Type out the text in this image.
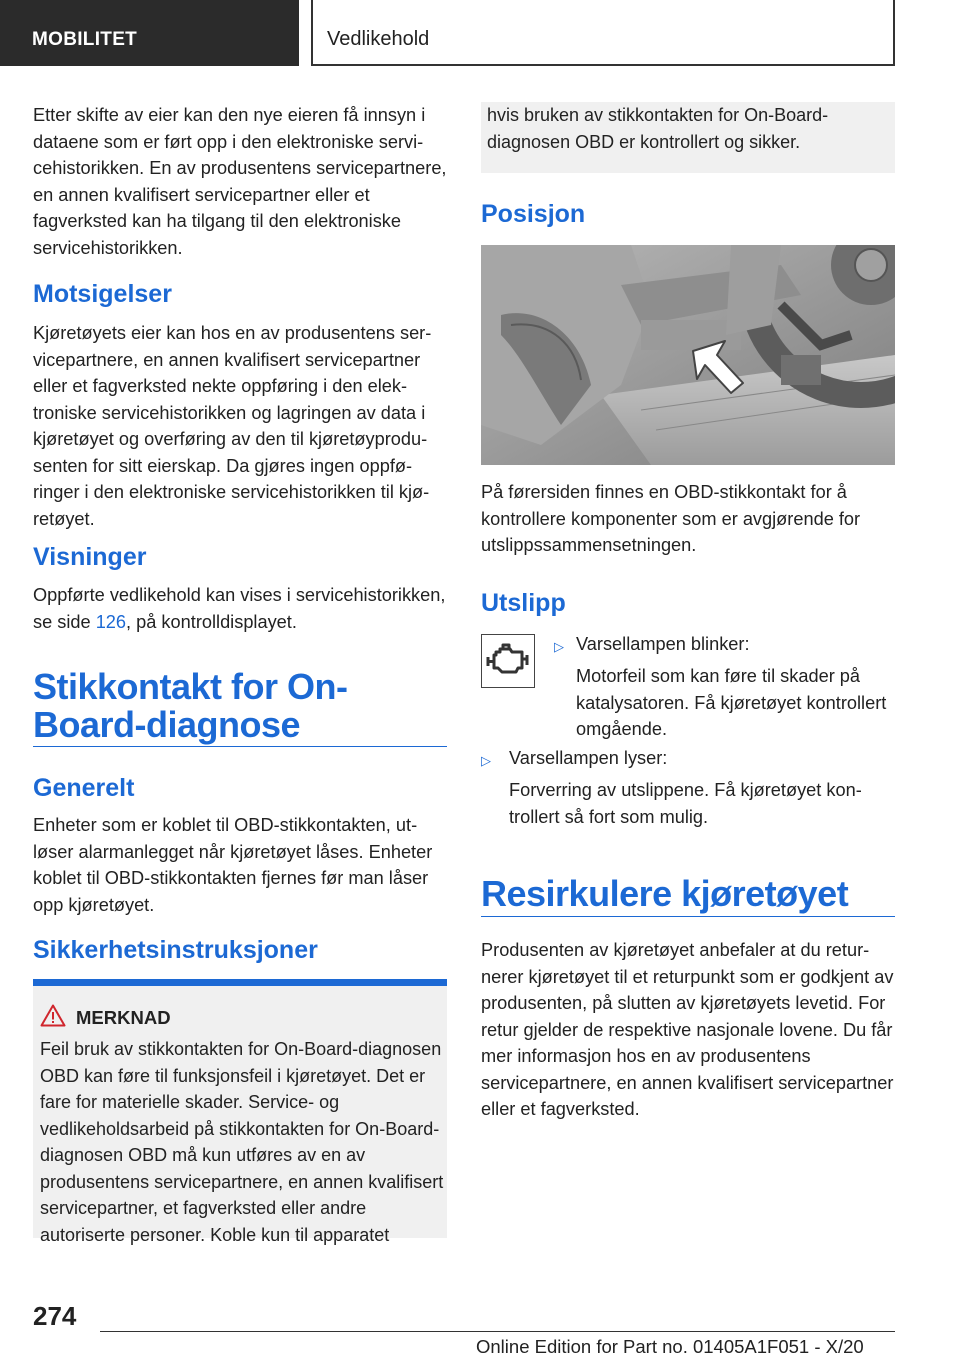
MOBILITET	Vedlikehold

Etter skifte av eier kan den nye eieren få innsyn i dataene som er ført opp i den elektroniske servicehistorikken. En av produsentens servicepartnere, en annen kvalifisert servicepartner eller et fagverksted kan ha tilgang til den elektroniske servicehistorikken.

Motsigelser

Kjøretøyets eier kan hos en av produsentens servicepartnere, en annen kvalifisert servicepartner eller et fagverksted nekte oppføring i den elektroniske servicehistorikken og lagringen av data i kjøretøyet og overføring av den til kjøretøyprodusenten for sitt eierskap. Da gjøres ingen oppføringer i den elektroniske servicehistorikken til kjøretøyet.

Visninger

Oppførte vedlikehold kan vises i servicehistorikken, se side 126, på kontrolldisplayet.

Stikkontakt for On-Board-diagnose
Generelt

Enheter som er koblet til OBD-stikkontakten, utløser alarmanlegget når kjøretøyet låses. Enheter koblet til OBD-stikkontakten fjernes før man låser opp kjøretøyet.

Sikkerhetsinstruksjoner
MERKNAD

Feil bruk av stikkontakten for On-Board-diagnosen OBD kan føre til funksjonsfeil i kjøretøyet. Det er fare for materielle skader. Service- og vedlikeholdsarbeid på stikkontakten for On-Board-diagnosen OBD må kun utføres av en av produsentens servicepartnere, en annen kvalifisert servicepartner, et fagverksted eller andre autoriserte personer. Koble kun til apparatet

hvis bruken av stikkontakten for On-Board-diagnosen OBD er kontrollert og sikker.

Posisjon

På førersiden finnes en OBD-stikkontakt for å kontrollere komponenter som er avgjørende for utslippssammensetningen.

Utslipp
▷ Varsellampen blinker:

Motorfeil som kan føre til skader på katalysatoren. Få kjøretøyet kontrollert omgående.

▷ Varsellampen lyser:

Forverring av utslippene. Få kjøretøyet kontrollert så fort som mulig.

Resirkulere kjøretøyet

Produsenten av kjøretøyet anbefaler at du returnerer kjøretøyet til et returpunkt som er godkjent av produsenten, på slutten av kjøretøyets levetid. For retur gjelder de respektive nasjonale lovene. Du får mer informasjon hos en av produsentens servicepartnere, en annen kvalifisert servicepartner eller et fagverksted.

274
Online Edition for Part no. 01405A1F051 - X/20
